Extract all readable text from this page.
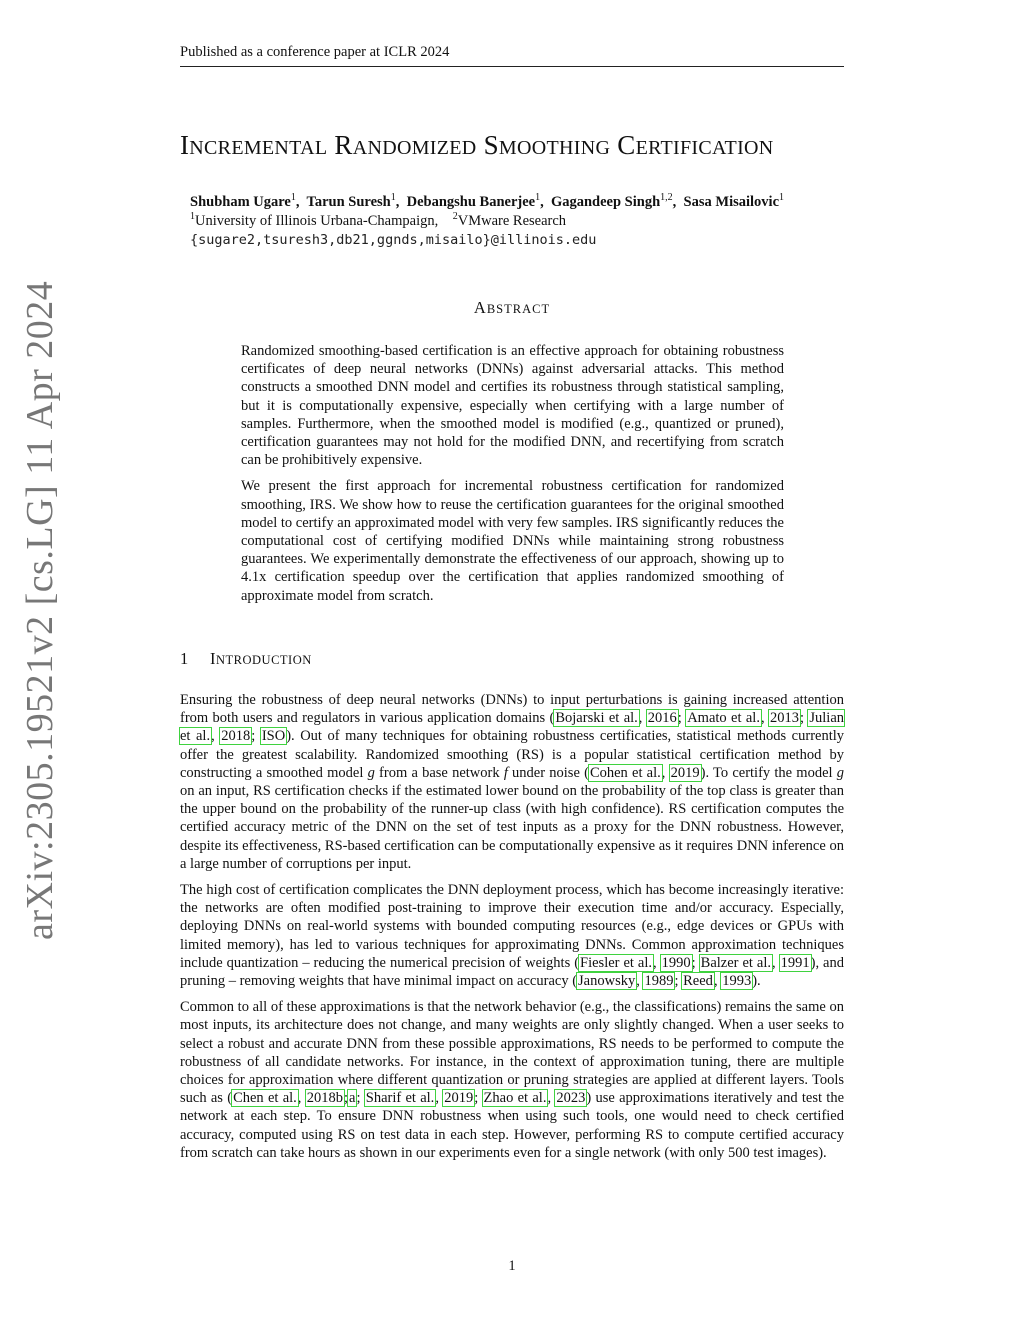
Published as a conference paper at ICLR 2024
arXiv:2305.19521v2 [cs.LG] 11 Apr 2024
INCREMENTAL RANDOMIZED SMOOTHING CERTIFICATION
Shubham Ugare$^1$,  Tarun Suresh$^1$,  Debangshu Banerjee$^1$,  Gagandeep Singh$^{1,2}$,  Sasa Misailovic$^1$
$^1$University of Illinois Urbana-Champaign, $^2$VMware Research
{sugare2,tsuresh3,db21,ggnds,misailo}@illinois.edu
ABSTRACT

Randomized smoothing-based certification is an effective approach for obtaining robustness certificates of deep neural networks (DNNs) against adversarial attacks. This method constructs a smoothed DNN model and certifies its robustness through statistical sampling, but it is computationally expensive, especially when certifying with a large number of samples. Furthermore, when the smoothed model is modified (e.g., quantized or pruned), certification guarantees may not hold for the modified DNN, and recertifying from scratch can be prohibitively expensive.

We present the first approach for incremental robustness certification for randomized smoothing, IRS. We show how to reuse the certification guarantees for the original smoothed model to certify an approximated model with very few samples. IRS significantly reduces the computational cost of certifying modified DNNs while maintaining strong robustness guarantees. We experimentally demonstrate the effectiveness of our approach, showing up to 4.1x certification speedup over the certification that applies randomized smoothing of approximate model from scratch.

1 INTRODUCTION

Ensuring the robustness of deep neural networks (DNNs) to input perturbations is gaining increased attention from both users and regulators in various application domains (Bojarski et al., 2016; Amato et al., 2013; Julian et al., 2018; ISO). Out of many techniques for obtaining robustness certificaties, statistical methods currently offer the greatest scalability. Randomized smoothing (RS) is a popular statistical certification method by constructing a smoothed model g from a base network f under noise (Cohen et al., 2019). To certify the model g on an input, RS certification checks if the estimated lower bound on the probability of the top class is greater than the upper bound on the probability of the runner-up class (with high confidence). RS certification computes the certified accuracy metric of the DNN on the set of test inputs as a proxy for the DNN robustness. However, despite its effectiveness, RS-based certification can be computationally expensive as it requires DNN inference on a large number of corruptions per input.

The high cost of certification complicates the DNN deployment process, which has become increasingly iterative: the networks are often modified post-training to improve their execution time and/or accuracy. Especially, deploying DNNs on real-world systems with bounded computing resources (e.g., edge devices or GPUs with limited memory), has led to various techniques for approximating DNNs. Common approximation techniques include quantization – reducing the numerical precision of weights (Fiesler et al., 1990; Balzer et al., 1991), and pruning – removing weights that have minimal impact on accuracy (Janowsky, 1989; Reed, 1993).

Common to all of these approximations is that the network behavior (e.g., the classifications) remains the same on most inputs, its architecture does not change, and many weights are only slightly changed. When a user seeks to select a robust and accurate DNN from these possible approximations, RS needs to be performed to compute the robustness of all candidate networks. For instance, in the context of approximation tuning, there are multiple choices for approximation where different quantization or pruning strategies are applied at different layers. Tools such as (Chen et al., 2018b;a; Sharif et al., 2019; Zhao et al., 2023) use approximations iteratively and test the network at each step. To ensure DNN robustness when using such tools, one would need to check certified accuracy, computed using RS on test data in each step. However, performing RS to compute certified accuracy from scratch can take hours as shown in our experiments even for a single network (with only 500 test images).

1
